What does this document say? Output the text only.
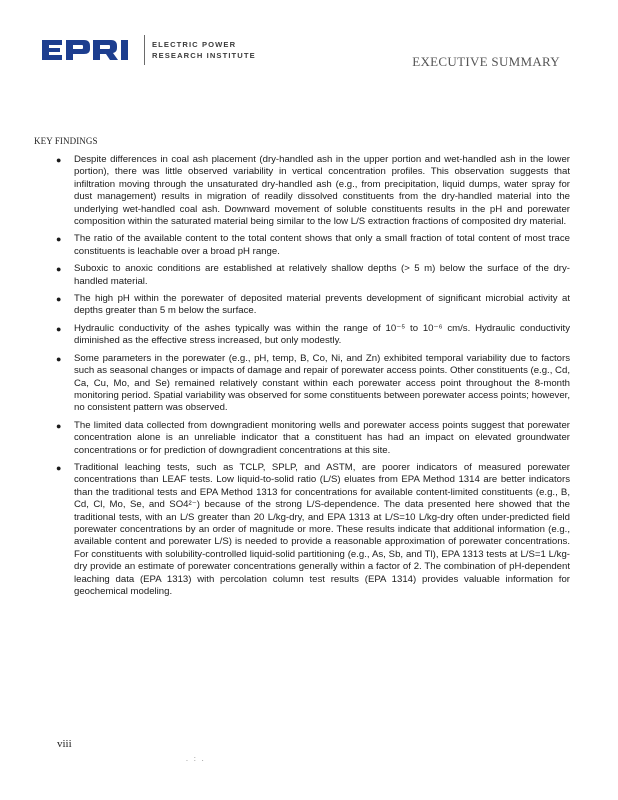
ELECTRIC POWER
RESEARCH INSTITUTE	EXECUTIVE SUMMARY
KEY FINDINGS
● Despite differences in coal ash placement (dry-handled ash in the upper portion and wet-handled ash in the lower portion), there was little observed variability in vertical concentration profiles. This observation suggests that infiltration moving through the unsaturated dry-handled ash (e.g., from precipitation, liquid dumps, water spray for dust management) results in migration of readily dissolved constituents from the dry-handled material into the underlying wet-handled coal ash. Downward movement of soluble constituents results in the pH and porewater composition within the saturated material being similar to the low L/S extraction fractions of composited dry material.
● The ratio of the available content to the total content shows that only a small fraction of total content of most trace constituents is leachable over a broad pH range.
● Suboxic to anoxic conditions are established at relatively shallow depths (> 5 m) below the surface of the dry-handled material.
● The high pH within the porewater of deposited material prevents development of significant microbial activity at depths greater than 5 m below the surface.
● Hydraulic conductivity of the ashes typically was within the range of 10⁻⁵ to 10⁻⁶ cm/s. Hydraulic conductivity diminished as the effective stress increased, but only modestly.
● Some parameters in the porewater (e.g., pH, temp, B, Co, Ni, and Zn) exhibited temporal variability due to factors such as seasonal changes or impacts of damage and repair of porewater access points. Other constituents (e.g., Cd, Ca, Cu, Mo, and Se) remained relatively constant within each porewater access point throughout the 8-month monitoring period. Spatial variability was observed for some constituents between porewater access points; however, no consistent pattern was observed.
● The limited data collected from downgradient monitoring wells and porewater access points suggest that porewater concentration alone is an unreliable indicator that a constituent has had an impact on elevated groundwater concentrations or for prediction of downgradient concentrations at this site.
● Traditional leaching tests, such as TCLP, SPLP, and ASTM, are poorer indicators of measured porewater concentrations than LEAF tests. Low liquid-to-solid ratio (L/S) eluates from EPA Method 1314 are better indicators than the traditional tests and EPA Method 1313 for concentrations for available content-limited constituents (e.g., B, Cd, Cl, Mo, Se, and SO4²⁻) because of the strong L/S-dependence. The data presented here showed that the traditional tests, with an L/S greater than 20 L/kg-dry, and EPA 1313 at L/S=10 L/kg-dry often under-predicted field porewater concentrations by an order of magnitude or more. These results indicate that additional information (e.g., available content and porewater L/S) is needed to provide a reasonable approximation of porewater concentrations. For constituents with solubility-controlled liquid-solid partitioning (e.g., As, Sb, and Tl), EPA 1313 tests at L/S=1 L/kg-dry provide an estimate of porewater concentrations generally within a factor of 2. The combination of pH-dependent leaching data (EPA 1313) with percolation column test results (EPA 1314) provides valuable information for geochemical modeling.
viii
. : .
